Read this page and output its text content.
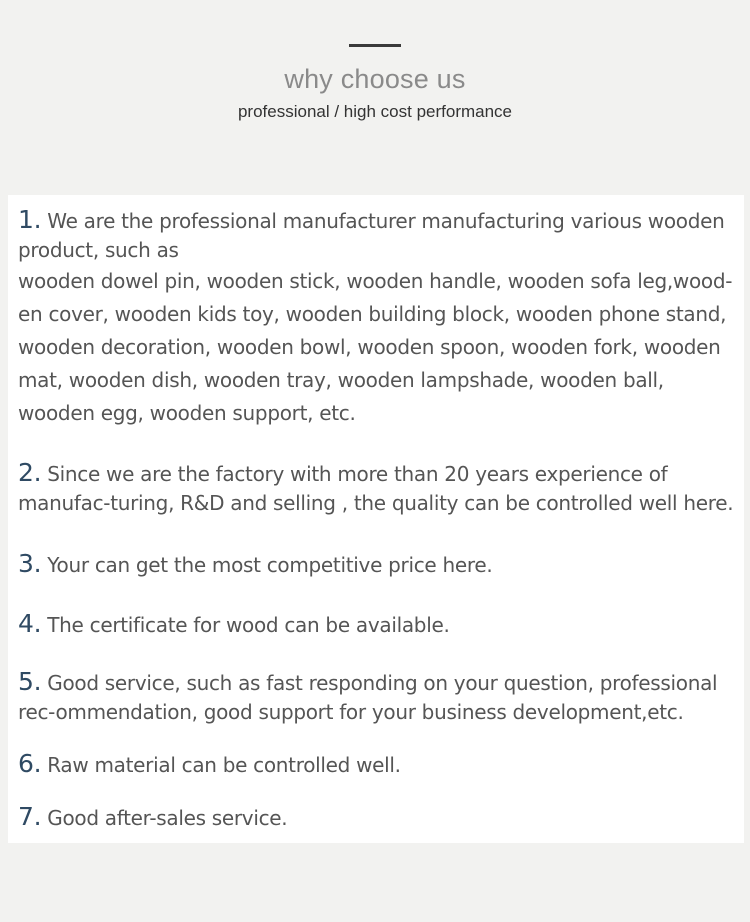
why choose us
professional / high cost performance

1. We are the professional manufacturer manufacturing various wooden product, such as

wooden dowel pin, wooden stick, wooden handle, wooden sofa leg,wood-

en cover, wooden kids toy, wooden building block, wooden phone stand,

wooden decoration, wooden bowl, wooden spoon, wooden fork, wooden

mat, wooden dish, wooden tray, wooden lampshade, wooden ball,

wooden egg, wooden support, etc.

2. Since we are the factory with more than 20 years experience of manufac-turing, R&D and selling , the quality can be controlled well here.

3. Your can get the most competitive price here.

4. The certificate for wood can be available.

5. Good service, such as fast responding on your question, professional rec-ommendation, good support for your business development,etc.

6. Raw material can be controlled well.

7. Good after-sales service.
